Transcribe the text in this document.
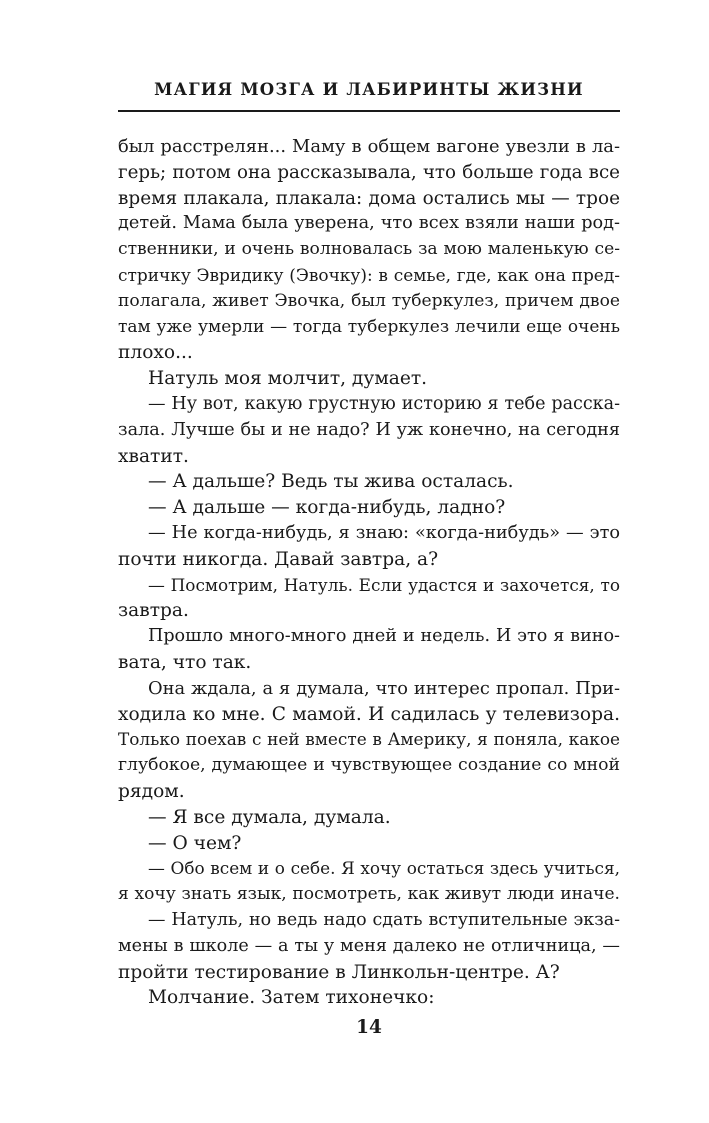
МАГИЯ МОЗГА И ЛАБИРИНТЫ ЖИЗНИ
был расстрелян... Маму в общем вагоне увезли в ла-
герь; потом она рассказывала, что больше года все
время плакала, плакала: дома остались мы — трое
детей. Мама была уверена, что всех взяли наши род-
ственники, и очень волновалась за мою маленькую се-
стричку Эвридику (Эвочку): в семье, где, как она пред-
полагала, живет Эвочка, был туберкулез, причем двое
там уже умерли — тогда туберкулез лечили еще очень
плохо...
Натуль моя молчит, думает.
— Ну вот, какую грустную историю я тебе расска-
зала. Лучше бы и не надо? И уж конечно, на сегодня
хватит.
— А дальше? Ведь ты жива осталась.
— А дальше — когда-нибудь, ладно?
— Не когда-нибудь, я знаю: «когда-нибудь» — это
почти никогда. Давай завтра, а?
— Посмотрим, Натуль. Если удастся и захочется, то
завтра.
Прошло много-много дней и недель. И это я вино-
вата, что так.
Она ждала, а я думала, что интерес пропал. При-
ходила ко мне. С мамой. И садилась у телевизора.
Только поехав с ней вместе в Америку, я поняла, какое
глубокое, думающее и чувствующее создание со мной
рядом.
— Я все думала, думала.
— О чем?
— Обо всем и о себе. Я хочу остаться здесь учиться,
я хочу знать язык, посмотреть, как живут люди иначе.
— Натуль, но ведь надо сдать вступительные экза-
мены в школе — а ты у меня далеко не отличница, —
пройти тестирование в Линкольн-центре. А?
Молчание. Затем тихонечко:
14
